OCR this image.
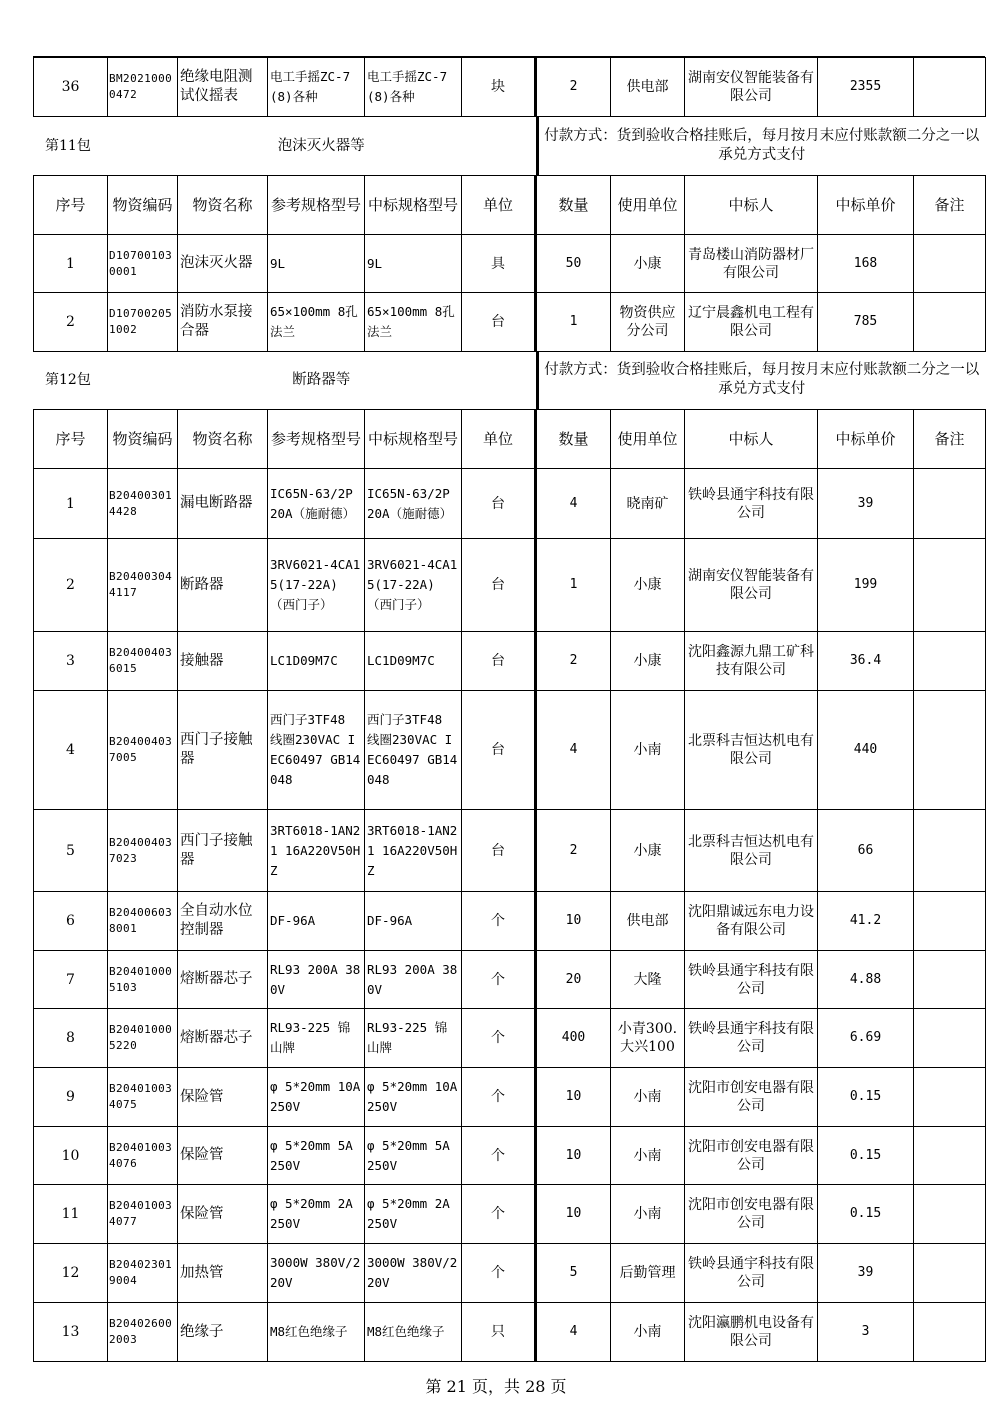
36	BM20210000472	绝缘电阻测试仪摇表	电工手摇ZC-7(8)各种	电工手摇ZC-7(8)各种	块	2	供电部	湖南安仪智能装备有限公司	2355	
第11包	泡沫灭火器等	付款方式：货到验收合格挂账后，每月按月末应付账款额二分之一以承兑方式支付
序号	物资编码	物资名称	参考规格型号	中标规格型号	单位	数量	使用单位	中标人	中标单价	备注
1	D107001030001	泡沫灭火器	9L	9L	具	50	小康	青岛楼山消防器材厂有限公司	168	
2	D107002051002	消防水泵接合器	65×100mm 8孔法兰	65×100mm 8孔法兰	台	1	物资供应分公司	辽宁晨鑫机电工程有限公司	785	
第12包	断路器等	付款方式：货到验收合格挂账后，每月按月末应付账款额二分之一以承兑方式支付
序号	物资编码	物资名称	参考规格型号	中标规格型号	单位	数量	使用单位	中标人	中标单价	备注
1	B204003014428	漏电断路器	IC65N-63/2P 20A（施耐德）	IC65N-63/2P 20A（施耐德）	台	4	晓南矿	铁岭县通宇科技有限公司	39	
2	B204003044117	断路器	3RV6021-4CA15(17-22A)（西门子）	3RV6021-4CA15(17-22A)（西门子）	台	1	小康	湖南安仪智能装备有限公司	199	
3	B204004036015	接触器	LC1D09M7C	LC1D09M7C	台	2	小康	沈阳鑫源九鼎工矿科技有限公司	36.4	
4	B204004037005	西门子接触器	西门子3TF48 线圈230VAC IEC60497 GB14048	西门子3TF48 线圈230VAC IEC60497 GB14048	台	4	小南	北票科吉恒达机电有限公司	440	
5	B204004037023	西门子接触器	3RT6018-1AN21 16A220V50HZ	3RT6018-1AN21 16A220V50HZ	台	2	小康	北票科吉恒达机电有限公司	66	
6	B204006038001	全自动水位控制器	DF-96A	DF-96A	个	10	供电部	沈阳鼎诚远东电力设备有限公司	41.2	
7	B204010005103	熔断器芯子	RL93 200A 380V	RL93 200A 380V	个	20	大隆	铁岭县通宇科技有限公司	4.88	
8	B204010005220	熔断器芯子	RL93-225 锦山牌	RL93-225 锦山牌	个	400	小青300.大兴100	铁岭县通宇科技有限公司	6.69	
9	B204010034075	保险管	φ 5*20mm 10A 250V	φ 5*20mm 10A 250V	个	10	小南	沈阳市创安电器有限公司	0.15	
10	B204010034076	保险管	φ 5*20mm 5A 250V	φ 5*20mm 5A 250V	个	10	小南	沈阳市创安电器有限公司	0.15	
11	B204010034077	保险管	φ 5*20mm 2A 250V	φ 5*20mm 2A 250V	个	10	小南	沈阳市创安电器有限公司	0.15	
12	B204023019004	加热管	3000W 380V/220V	3000W 380V/220V	个	5	后勤管理	铁岭县通宇科技有限公司	39	
13	B204026002003	绝缘子	M8红色绝缘子	M8红色绝缘子	只	4	小南	沈阳瀛鹏机电设备有限公司	3	
第 21 页，共 28 页
